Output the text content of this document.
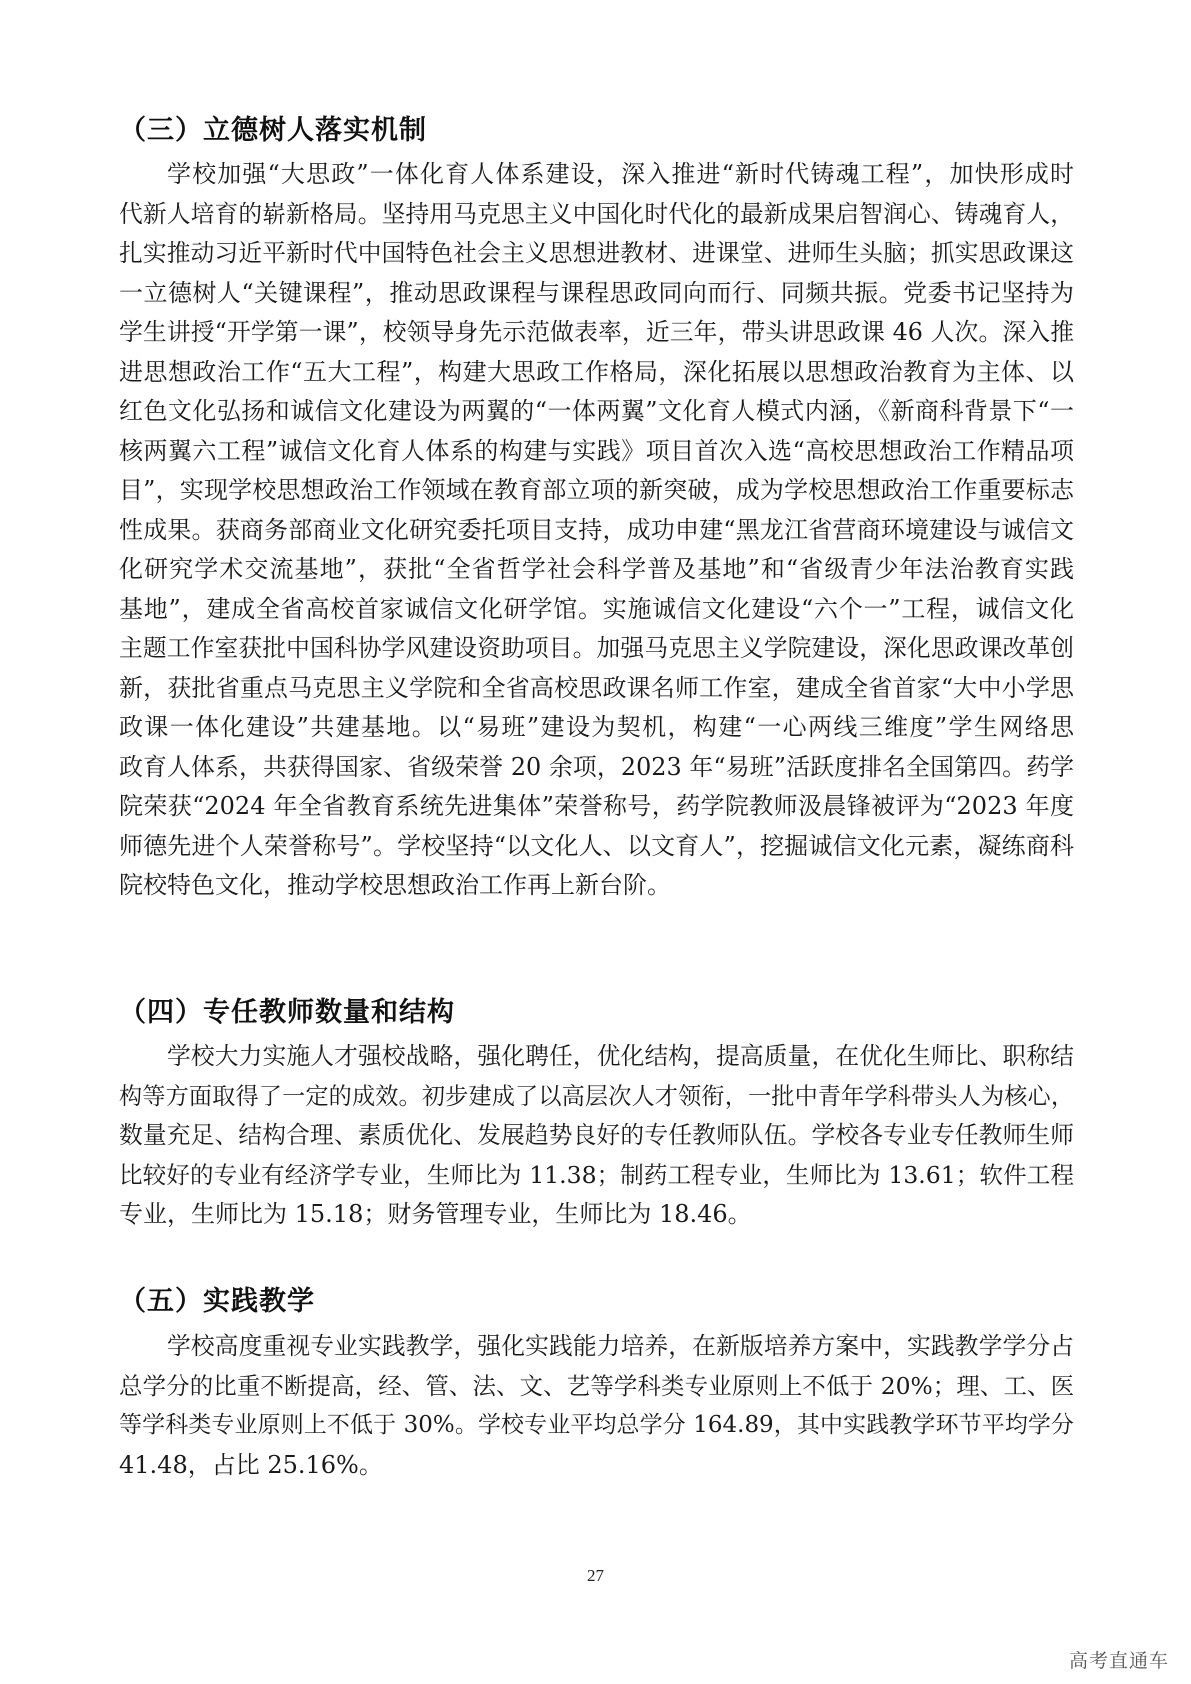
（三）立德树人落实机制
学校加强“大思政”一体化育人体系建设，深入推进“新时代铸魂工程”，加快形成时
代新人培育的崭新格局。坚持用马克思主义中国化时代化的最新成果启智润心、铸魂育人，
扎实推动习近平新时代中国特色社会主义思想进教材、进课堂、进师生头脑；抓实思政课这
一立德树人“关键课程”，推动思政课程与课程思政同向而行、同频共振。党委书记坚持为
学生讲授“开学第一课”，校领导身先示范做表率，近三年，带头讲思政课 46 人次。深入推
进思想政治工作“五大工程”，构建大思政工作格局，深化拓展以思想政治教育为主体、以
红色文化弘扬和诚信文化建设为两翼的“一体两翼”文化育人模式内涵，《新商科背景下“一
核两翼六工程”诚信文化育人体系的构建与实践》项目首次入选“高校思想政治工作精品项
目”，实现学校思想政治工作领域在教育部立项的新突破，成为学校思想政治工作重要标志
性成果。获商务部商业文化研究委托项目支持，成功申建“黑龙江省营商环境建设与诚信文
化研究学术交流基地”，获批“全省哲学社会科学普及基地”和“省级青少年法治教育实践
基地”，建成全省高校首家诚信文化研学馆。实施诚信文化建设“六个一”工程，诚信文化
主题工作室获批中国科协学风建设资助项目。加强马克思主义学院建设，深化思政课改革创
新，获批省重点马克思主义学院和全省高校思政课名师工作室，建成全省首家“大中小学思
政课一体化建设”共建基地。以“易班”建设为契机，构建“一心两线三维度”学生网络思
政育人体系，共获得国家、省级荣誉 20 余项，2023 年“易班”活跃度排名全国第四。药学
院荣获“2024 年全省教育系统先进集体”荣誉称号，药学院教师汲晨锋被评为“2023 年度
师德先进个人荣誉称号”。学校坚持“以文化人、以文育人”，挖掘诚信文化元素，凝练商科
院校特色文化，推动学校思想政治工作再上新台阶。
（四）专任教师数量和结构
学校大力实施人才强校战略，强化聘任，优化结构，提高质量，在优化生师比、职称结
构等方面取得了一定的成效。初步建成了以高层次人才领衔，一批中青年学科带头人为核心，
数量充足、结构合理、素质优化、发展趋势良好的专任教师队伍。学校各专业专任教师生师
比较好的专业有经济学专业，生师比为 11.38；制药工程专业，生师比为 13.61；软件工程
专业，生师比为 15.18；财务管理专业，生师比为 18.46。
（五）实践教学
学校高度重视专业实践教学，强化实践能力培养，在新版培养方案中，实践教学学分占
总学分的比重不断提高，经、管、法、文、艺等学科类专业原则上不低于 20%；理、工、医
等学科类专业原则上不低于 30%。学校专业平均总学分 164.89，其中实践教学环节平均学分
41.48，占比 25.16%。
27
高考直通车
